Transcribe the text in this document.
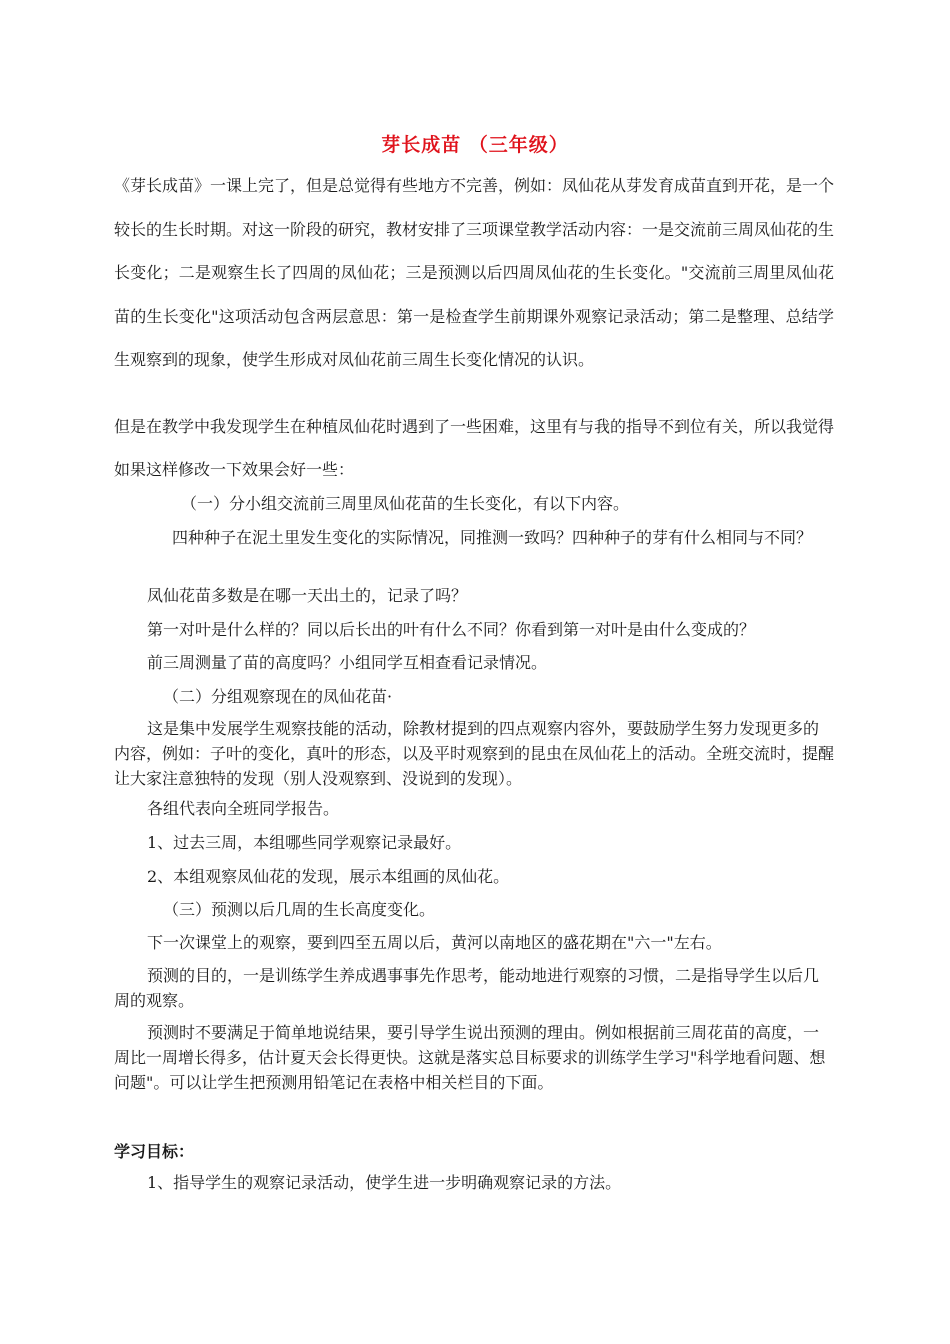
芽长成苗 （三年级）
《芽长成苗》一课上完了，但是总觉得有些地方不完善，例如：凤仙花从芽发育成苗直到开花，是一个较长的生长时期。对这一阶段的研究，教材安排了三项课堂教学活动内容：一是交流前三周凤仙花的生长变化；二是观察生长了四周的凤仙花；三是预测以后四周凤仙花的生长变化。"交流前三周里凤仙花苗的生长变化"这项活动包含两层意思：第一是检查学生前期课外观察记录活动；第二是整理、总结学生观察到的现象，使学生形成对凤仙花前三周生长变化情况的认识。
但是在教学中我发现学生在种植凤仙花时遇到了一些困难，这里有与我的指导不到位有关，所以我觉得如果这样修改一下效果会好一些：
（一）分小组交流前三周里凤仙花苗的生长变化，有以下内容。
四种种子在泥土里发生变化的实际情况，同推测一致吗？四种种子的芽有什么相同与不同？
凤仙花苗多数是在哪一天出土的，记录了吗？
第一对叶是什么样的？同以后长出的叶有什么不同？你看到第一对叶是由什么变成的？
前三周测量了苗的高度吗？小组同学互相查看记录情况。
（二）分组观察现在的凤仙花苗·
这是集中发展学生观察技能的活动，除教材提到的四点观察内容外，要鼓励学生努力发现更多的内容，例如：子叶的变化，真叶的形态，以及平时观察到的昆虫在凤仙花上的活动。全班交流时，提醒让大家注意独特的发现（别人没观察到、没说到的发现）。
各组代表向全班同学报告。
1、过去三周，本组哪些同学观察记录最好。
2、本组观察凤仙花的发现，展示本组画的凤仙花。
（三）预测以后几周的生长高度变化。
下一次课堂上的观察，要到四至五周以后，黄河以南地区的盛花期在"六一"左右。
预测的目的，一是训练学生养成遇事事先作思考，能动地进行观察的习惯，二是指导学生以后几周的观察。
预测时不要满足于简单地说结果，要引导学生说出预测的理由。例如根据前三周花苗的高度，一周比一周增长得多，估计夏天会长得更快。这就是落实总目标要求的训练学生学习"科学地看问题、想问题"。可以让学生把预测用铅笔记在表格中相关栏目的下面。
学习目标：
1、指导学生的观察记录活动，使学生进一步明确观察记录的方法。
